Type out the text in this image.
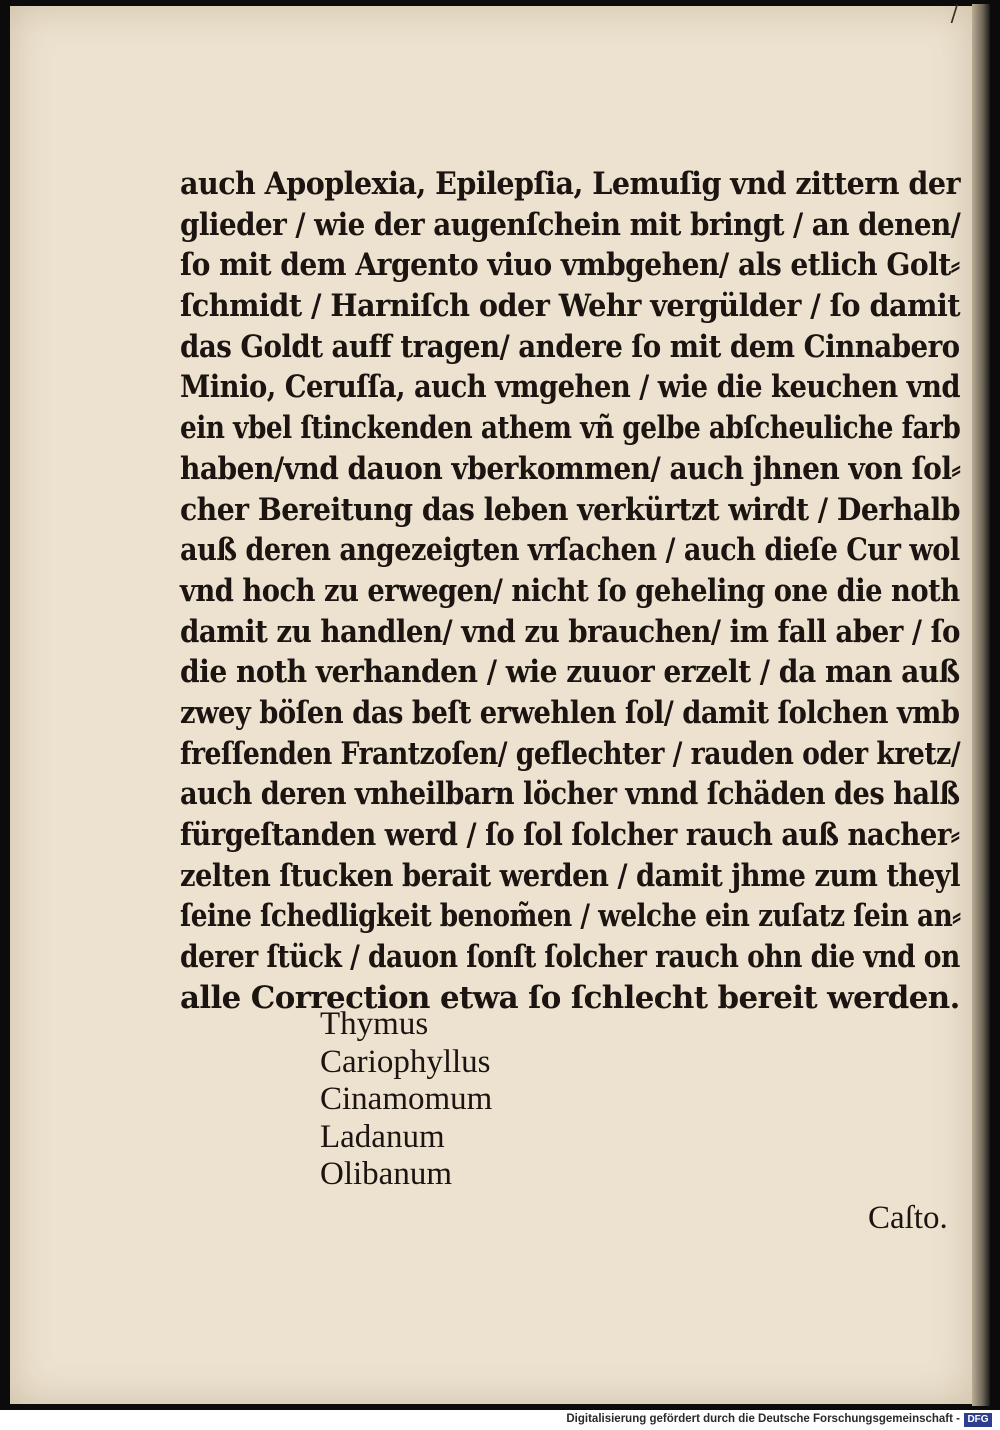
/
auch Apoplexia, Epilepſia, Lemuſig vnd zittern der
glieder / wie der augenſchein mit bringt / an denen/
ſo mit dem Argento viuo vmbgehen/ als etlich Golt⸗
ſchmidt / Harniſch oder Wehr vergülder / ſo damit
das Goldt auff tragen/ andere ſo mit dem Cinnabero
Minio, Ceruſſa, auch vmgehen / wie die keuchen vnd
ein vbel ſtinckenden athem vñ gelbe abſcheuliche farb
haben/vnd dauon vberkommen/ auch jhnen von ſol⸗
cher Bereitung das leben verkürtzt wirdt / Derhalb
auß deren angezeigten vrſachen / auch dieſe Cur wol
vnd hoch zu erwegen/ nicht ſo geheling one die noth
damit zu handlen/ vnd zu brauchen/ im fall aber / ſo
die noth verhanden / wie zuuor erzelt / da man auß
zwey böſen das beſt erwehlen ſol/ damit ſolchen vmb
freſſenden Frantzoſen/ geflechter / rauden oder kretz/
auch deren vnheilbarn löcher vnnd ſchäden des halß
fürgeſtanden werd / ſo ſol ſolcher rauch auß nacher⸗
zelten ſtucken berait werden / damit jhme zum theyl
ſeine ſchedligkeit benom̃en / welche ein zuſatz ſein an⸗
derer ſtück / dauon ſonſt ſolcher rauch ohn die vnd on
alle Correction etwa ſo ſchlecht bereit werden.
Thymus
Cariophyllus
Cinamomum
Ladanum
Olibanum
Caſto.
Digitalisierung gefördert durch die Deutsche Forschungsgemeinschaft - DFG
